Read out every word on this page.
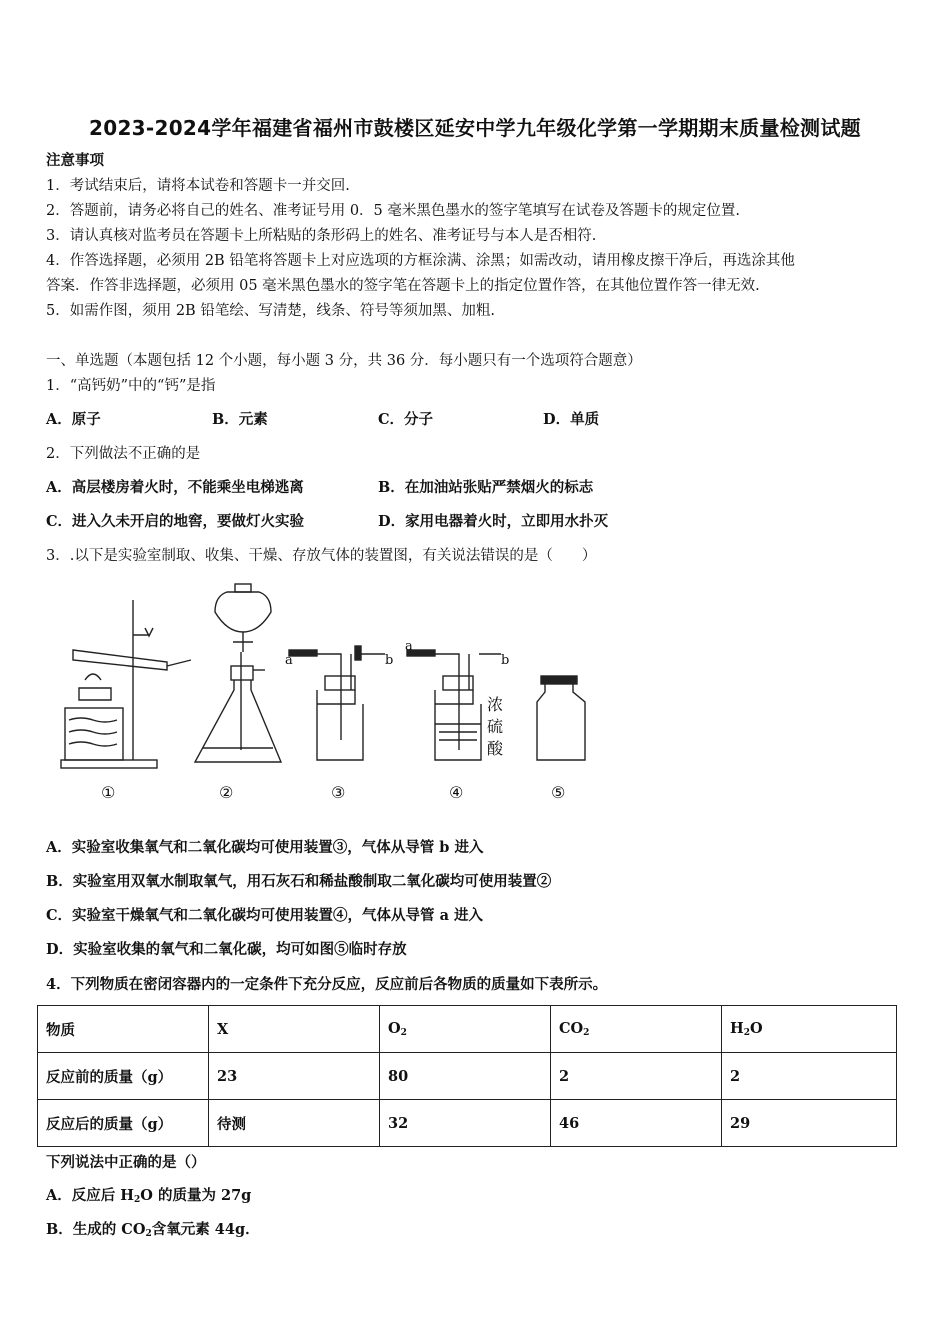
2023-2024学年福建省福州市鼓楼区延安中学九年级化学第一学期期末质量检测试题
注意事项
1．考试结束后，请将本试卷和答题卡一并交回.
2．答题前，请务必将自己的姓名、准考证号用 0．5 毫米黑色墨水的签字笔填写在试卷及答题卡的规定位置.
3．请认真核对监考员在答题卡上所粘贴的条形码上的姓名、准考证号与本人是否相符.
4．作答选择题，必须用 2B 铅笔将答题卡上对应选项的方框涂满、涂黑；如需改动，请用橡皮擦干净后，再选涂其他
答案．作答非选择题，必须用 05 毫米黑色墨水的签字笔在答题卡上的指定位置作答，在其他位置作答一律无效.
5．如需作图，须用 2B 铅笔绘、写清楚，线条、符号等须加黑、加粗.
一、单选题（本题包括 12 个小题，每小题 3 分，共 36 分．每小题只有一个选项符合题意）
1．“高钙奶”中的“钙”是指
A．原子	B．元素	C．分子	D．单质
2．下列做法不正确的是
A．高层楼房着火时，不能乘坐电梯逃离	B．在加油站张贴严禁烟火的标志
C．进入久未开启的地窖，要做灯火实验	D．家用电器着火时，立即用水扑灭
3．.以下是实验室制取、收集、干燥、存放气体的装置图，有关说法错误的是（　　）
a	b
a
b
浓
硫
酸
①	②	③	④	⑤
A．实验室收集氧气和二氧化碳均可使用装置③，气体从导管 b 进入
B．实验室用双氧水制取氧气，用石灰石和稀盐酸制取二氧化碳均可使用装置②
C．实验室干燥氧气和二氧化碳均可使用装置④，气体从导管 a 进入
D．实验室收集的氧气和二氧化碳，均可如图⑤临时存放
4．下列物质在密闭容器内的一定条件下充分反应，反应前后各物质的质量如下表所示。
物质	X	$O_2$	$CO_2$	$H_2O$
反应前的质量（g）	23	80	2	2
反应后的质量（g）	待测	32	46	29
下列说法中正确的是（）
A．反应后 $H_2O$ 的质量为 27g
B．生成的 $CO_2$含氧元素 44g．
